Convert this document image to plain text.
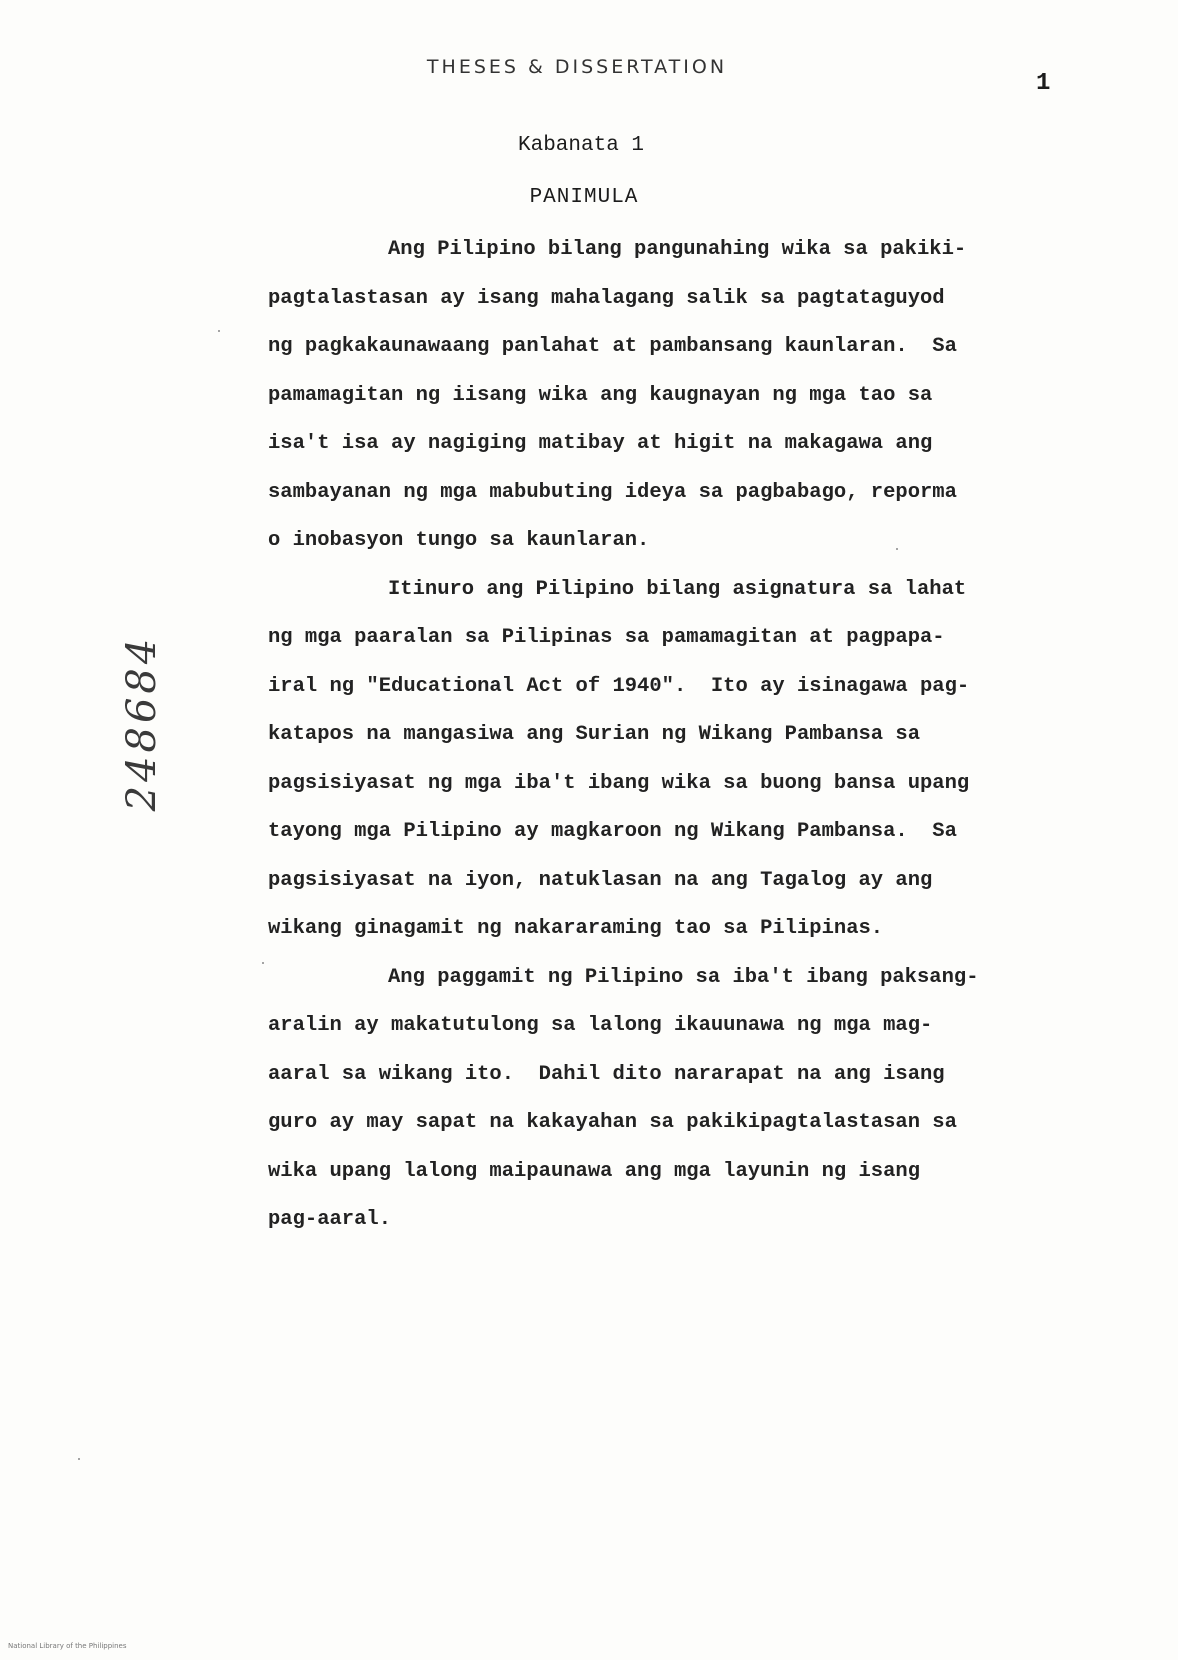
THESES & DISSERTATION
1
Kabanata 1
PANIMULA
248684
Ang Pilipino bilang pangunahing wika sa pakiki-
pagtalastasan ay isang mahalagang salik sa pagtataguyod
ng pagkakaunawaang panlahat at pambansang kaunlaran.  Sa
pamamagitan ng iisang wika ang kaugnayan ng mga tao sa
isa't isa ay nagiging matibay at higit na makagawa ang
sambayanan ng mga mabubuting ideya sa pagbabago, reporma
o inobasyon tungo sa kaunlaran.
Itinuro ang Pilipino bilang asignatura sa lahat
ng mga paaralan sa Pilipinas sa pamamagitan at pagpapa-
iral ng "Educational Act of 1940".  Ito ay isinagawa pag-
katapos na mangasiwa ang Surian ng Wikang Pambansa sa
pagsisiyasat ng mga iba't ibang wika sa buong bansa upang
tayong mga Pilipino ay magkaroon ng Wikang Pambansa.  Sa
pagsisiyasat na iyon, natuklasan na ang Tagalog ay ang
wikang ginagamit ng nakararaming tao sa Pilipinas.
Ang paggamit ng Pilipino sa iba't ibang paksang-
aralin ay makatutulong sa lalong ikauunawa ng mga mag-
aaral sa wikang ito.  Dahil dito nararapat na ang isang
guro ay may sapat na kakayahan sa pakikipagtalastasan sa
wika upang lalong maipaunawa ang mga layunin ng isang
pag-aaral.
National Library of the Philippines
